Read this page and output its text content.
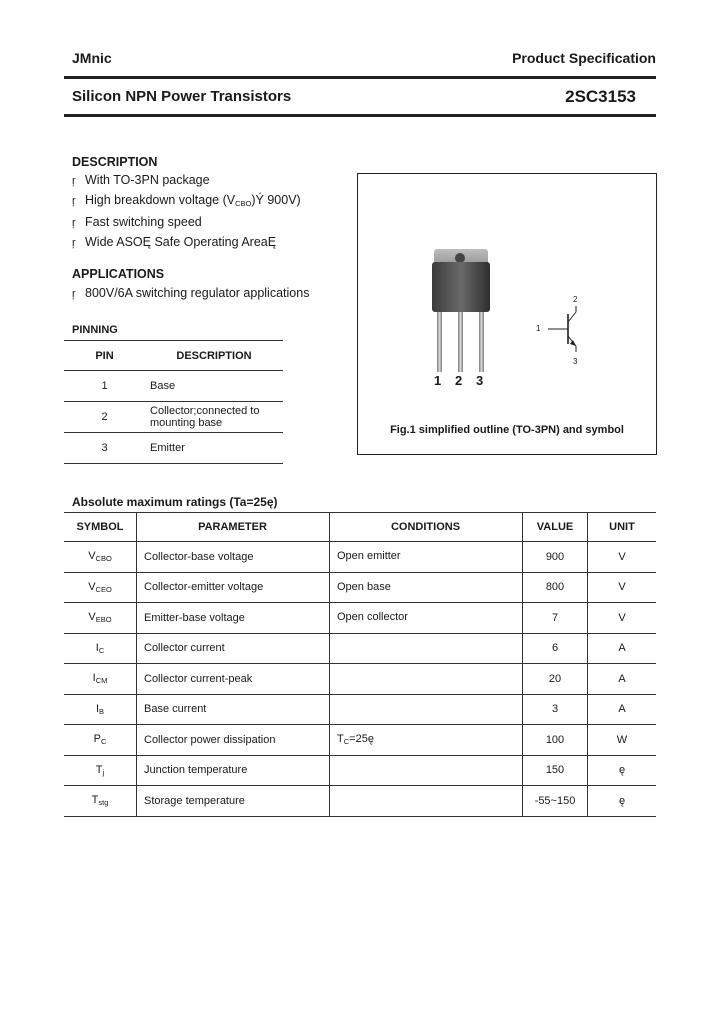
JMnic	Product Specification
Silicon NPN Power Transistors	2SC3153
DESCRIPTION
ŗ With TO-3PN package
ŗ High breakdown voltage $(V_{CBO})Ý$ 900V)
ŗ Fast switching speed
ŗ Wide ASOĘ Safe Operating AreaĘ
APPLICATIONS
ŗ 800V/6A switching regulator applications
PINNING
PIN	DESCRIPTION
1	Base
2	Collector;connected to mounting base
3	Emitter
1 2 3
1
2
3
Fig.1 simplified outline (TO-3PN) and symbol
Absolute maximum ratings (Ta=25ę)
SYMBOL	PARAMETER	CONDITIONS	VALUE	UNIT
$V_{CBO}$	Collector-base voltage	Open emitter	900	V
$V_{CEO}$	Collector-emitter voltage	Open base	800	V
$V_{EBO}$	Emitter-base voltage	Open collector	7	V
$I_C$	Collector current		6	A
$I_{CM}$	Collector current-peak		20	A
$I_B$	Base current		3	A
$P_C$	Collector power dissipation	$T_C=25ę$	100	W
$T_j$	Junction temperature		150	ę
$T_{stg}$	Storage temperature		-55~150	ę
